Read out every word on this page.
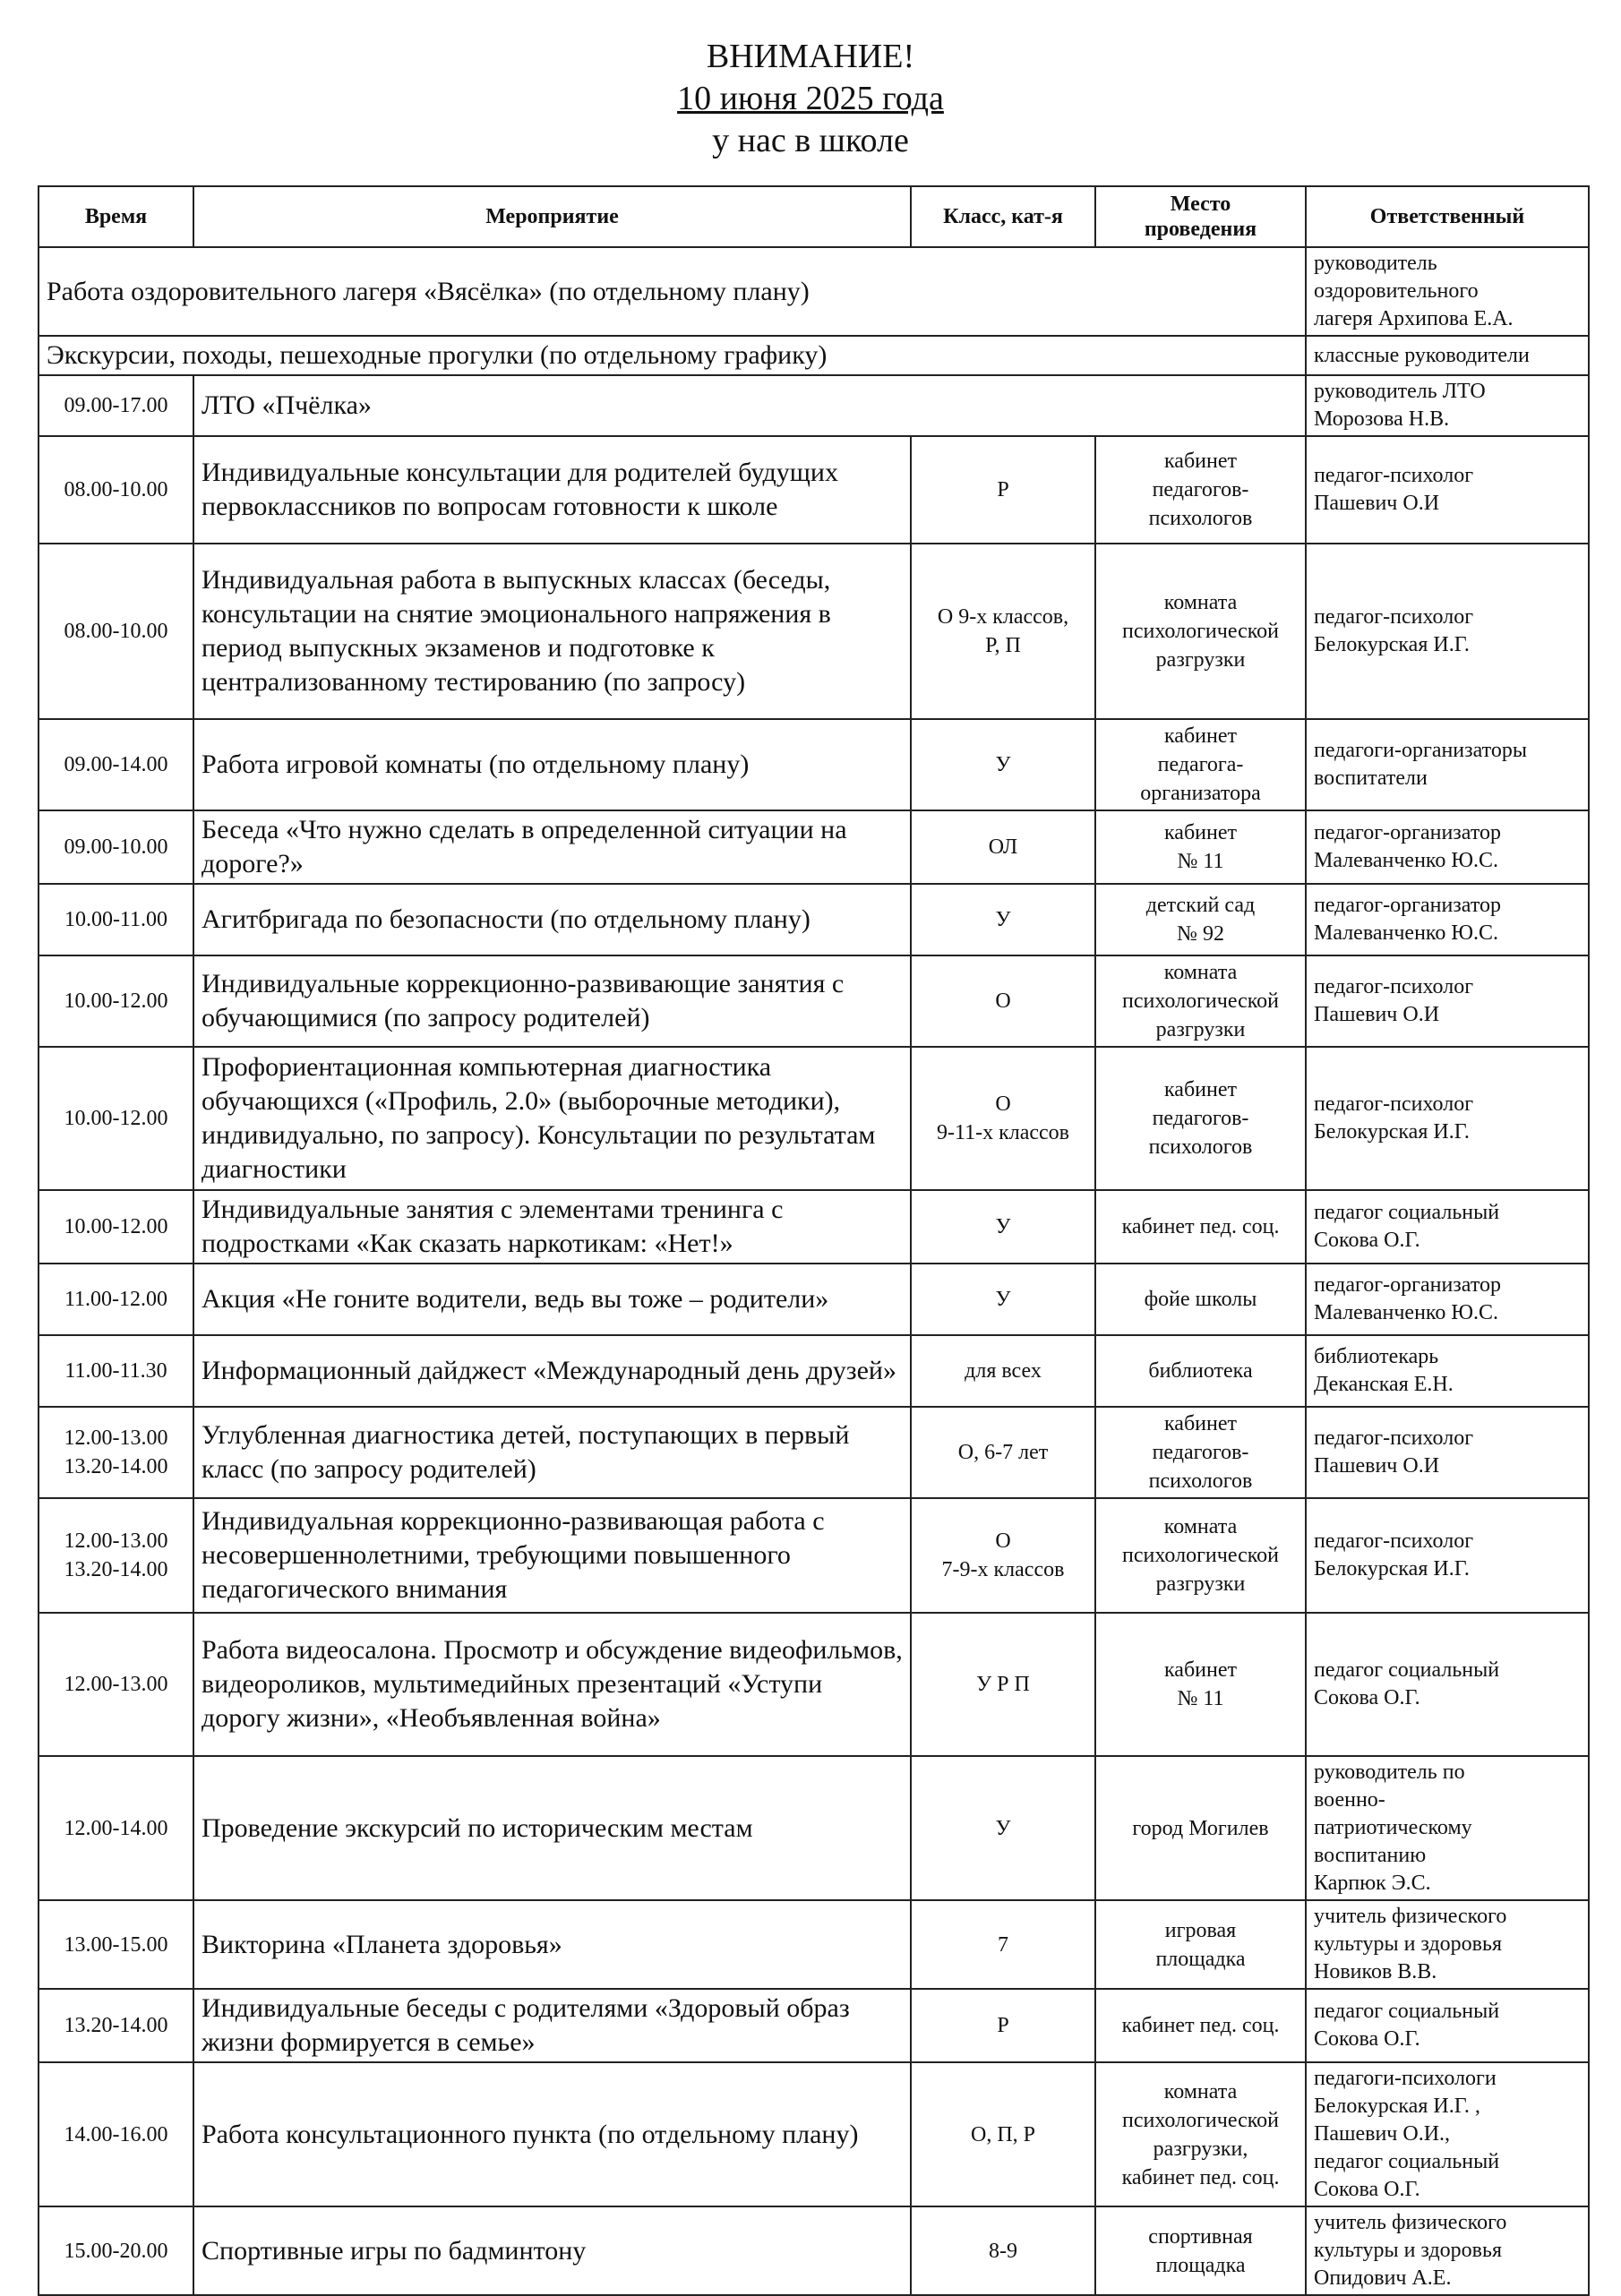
ВНИМАНИЕ!
10 июня 2025 года
у нас в школе
Время	Мероприятие	Класс, кат-я	Место
проведения	Ответственный
Работа оздоровительного лагеря «Вясёлка» (по отдельному плану)				руководитель
оздоровительного
лагеря Архипова Е.А.
Экскурсии, походы, пешеходные прогулки (по отдельному графику)				классные руководители
09.00-17.00	ЛТО «Пчёлка»			руководитель ЛТО
Морозова Н.В.
08.00-10.00	Индивидуальные консультации для родителей будущих первоклассников по вопросам готовности к школе	Р	кабинет
педагогов-
психологов	педагог-психолог
Пашевич О.И
08.00-10.00	Индивидуальная работа в выпускных классах (беседы, консультации на снятие эмоционального напряжения в период выпускных экзаменов и подготовке к централизованному тестированию (по запросу)	О 9-х классов,
Р, П	комната
психологической
разгрузки	педагог-психолог
Белокурская И.Г.
09.00-14.00	Работа игровой комнаты (по отдельному плану)	У	кабинет
педагога-
организатора	педагоги-организаторы
воспитатели
09.00-10.00	Беседа «Что нужно сделать в определенной ситуации на дороге?»	ОЛ	кабинет
№ 11	педагог-организатор
Малеванченко Ю.С.
10.00-11.00	Агитбригада по безопасности (по отдельному плану)	У	детский сад
№ 92	педагог-организатор
Малеванченко Ю.С.
10.00-12.00	Индивидуальные коррекционно-развивающие занятия с обучающимися (по запросу родителей)	О	комната
психологической
разгрузки	педагог-психолог
Пашевич О.И
10.00-12.00	Профориентационная компьютерная диагностика обучающихся («Профиль, 2.0» (выборочные методики), индивидуально, по запросу). Консультации по результатам диагностики	О
9-11-х классов	кабинет
педагогов-
психологов	педагог-психолог
Белокурская И.Г.
10.00-12.00	Индивидуальные занятия с элементами тренинга с подростками «Как сказать наркотикам: «Нет!»	У	кабинет пед. соц.	педагог социальный
Сокова О.Г.
11.00-12.00	Акция «Не гоните водители, ведь вы тоже – родители»	У	фойе школы	педагог-организатор
Малеванченко Ю.С.
11.00-11.30	Информационный дайджест «Международный день друзей»	для всех	библиотека	библиотекарь
Деканская Е.Н.
12.00-13.00
13.20-14.00	Углубленная диагностика детей, поступающих в первый класс (по запросу родителей)	О, 6-7 лет	кабинет
педагогов-
психологов	педагог-психолог
Пашевич О.И
12.00-13.00
13.20-14.00	Индивидуальная коррекционно-развивающая работа с несовершеннолетними, требующими повышенного педагогического внимания	О
7-9-х классов	комната
психологической
разгрузки	педагог-психолог
Белокурская И.Г.
12.00-13.00	Работа видеосалона. Просмотр и обсуждение видеофильмов, видеороликов, мультимедийных презентаций «Уступи дорогу жизни», «Необъявленная война»	У Р П	кабинет
№ 11	педагог социальный
Сокова О.Г.
12.00-14.00	Проведение экскурсий по историческим местам	У	город Могилев	руководитель по
военно-
патриотическому
воспитанию
Карпюк Э.С.
13.00-15.00	Викторина «Планета здоровья»	7	игровая
площадка	учитель физического
культуры и здоровья
Новиков В.В.
13.20-14.00	Индивидуальные беседы с родителями «Здоровый образ жизни формируется в семье»	Р	кабинет пед. соц.	педагог социальный
Сокова О.Г.
14.00-16.00	Работа консультационного пункта (по отдельному плану)	О, П, Р	комната
психологической
разгрузки,
кабинет пед. соц.	педагоги-психологи
Белокурская И.Г. ,
Пашевич О.И.,
педагог социальный
Сокова О.Г.
15.00-20.00	Спортивные игры по бадминтону	8-9	спортивная
площадка	учитель физического
культуры и здоровья
Опидович А.Е.
